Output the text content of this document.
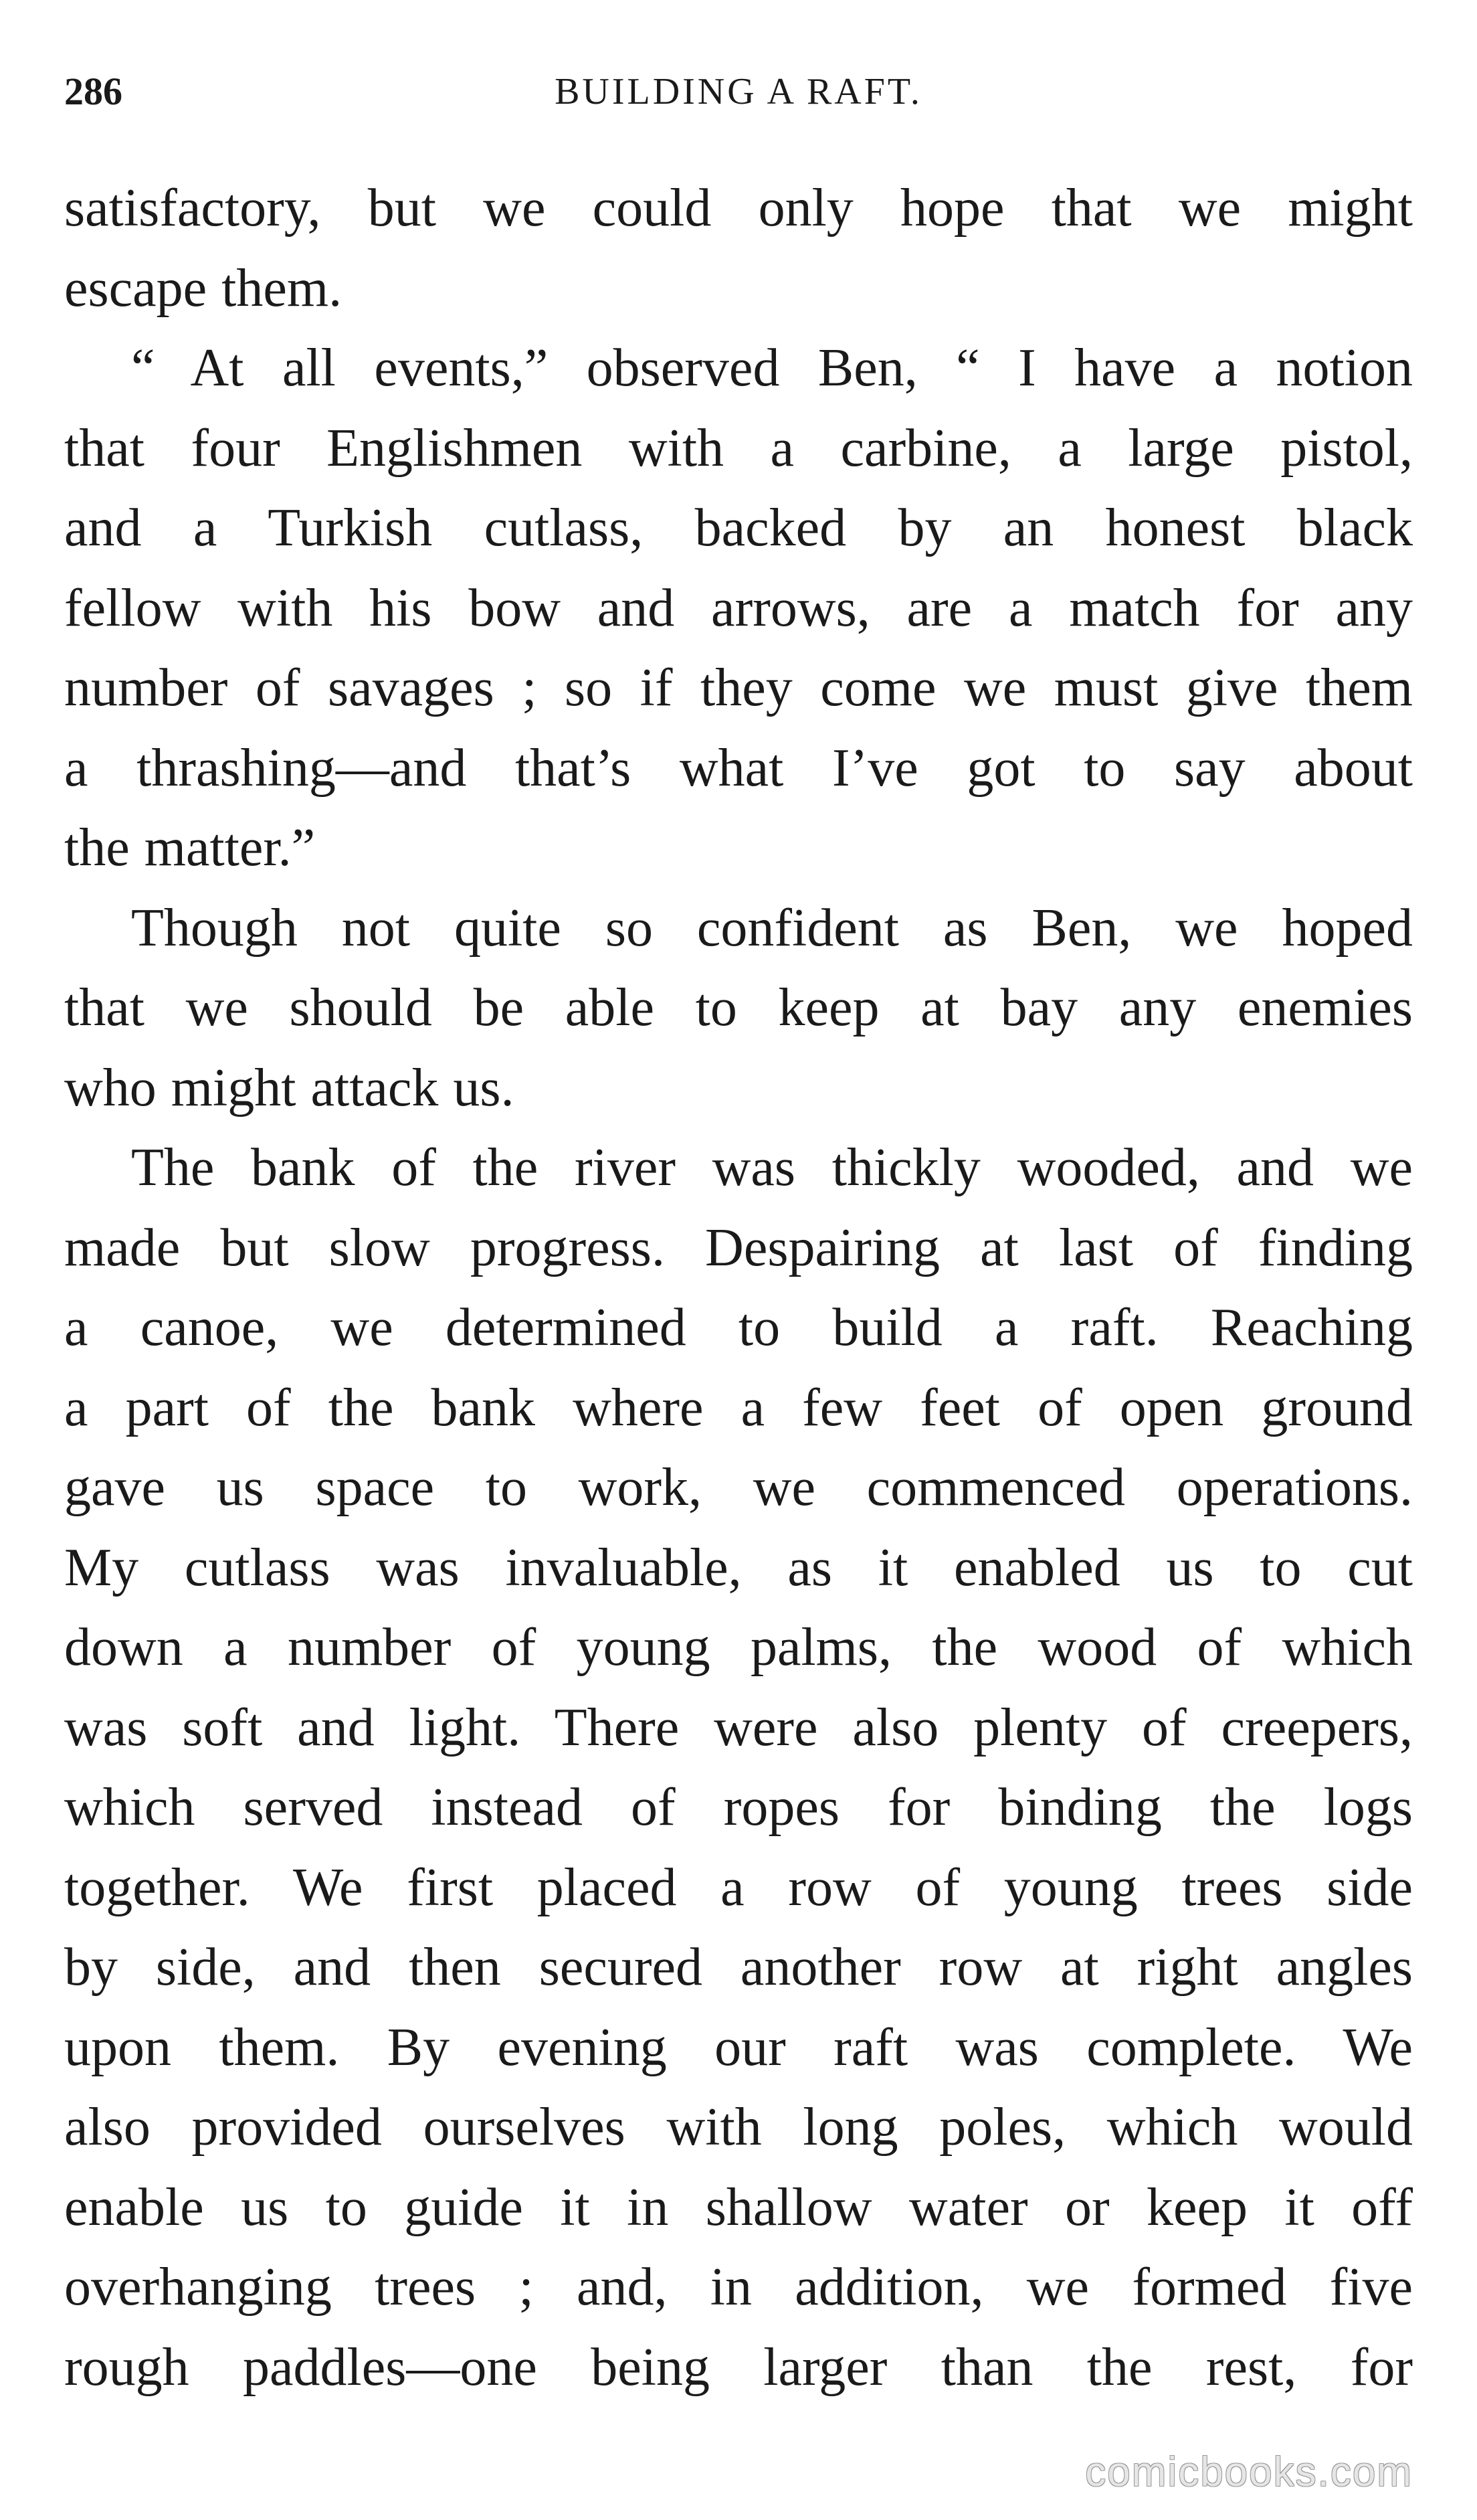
286	BUILDING A RAFT.
satisfactory, but we could only hope that we might
escape them.
“ At all events,” observed Ben, “ I have a notion
that four Englishmen with a carbine, a large pistol,
and a Turkish cutlass, backed by an honest black
fellow with his bow and arrows, are a match for any
number of savages ; so if they come we must give them
a thrashing—and that’s what I’ve got to say about
the matter.”
Though not quite so confident as Ben, we hoped
that we should be able to keep at bay any enemies
who might attack us.
The bank of the river was thickly wooded, and we
made but slow progress. Despairing at last of finding
a canoe, we determined to build a raft. Reaching
a part of the bank where a few feet of open ground
gave us space to work, we commenced operations.
My cutlass was invaluable, as it enabled us to cut
down a number of young palms, the wood of which
was soft and light. There were also plenty of creepers,
which served instead of ropes for binding the logs
together. We first placed a row of young trees side
by side, and then secured another row at right angles
upon them. By evening our raft was complete. We
also provided ourselves with long poles, which would
enable us to guide it in shallow water or keep it off
overhanging trees ; and, in addition, we formed five
rough paddles—one being larger than the rest, for
comicbooks.com
